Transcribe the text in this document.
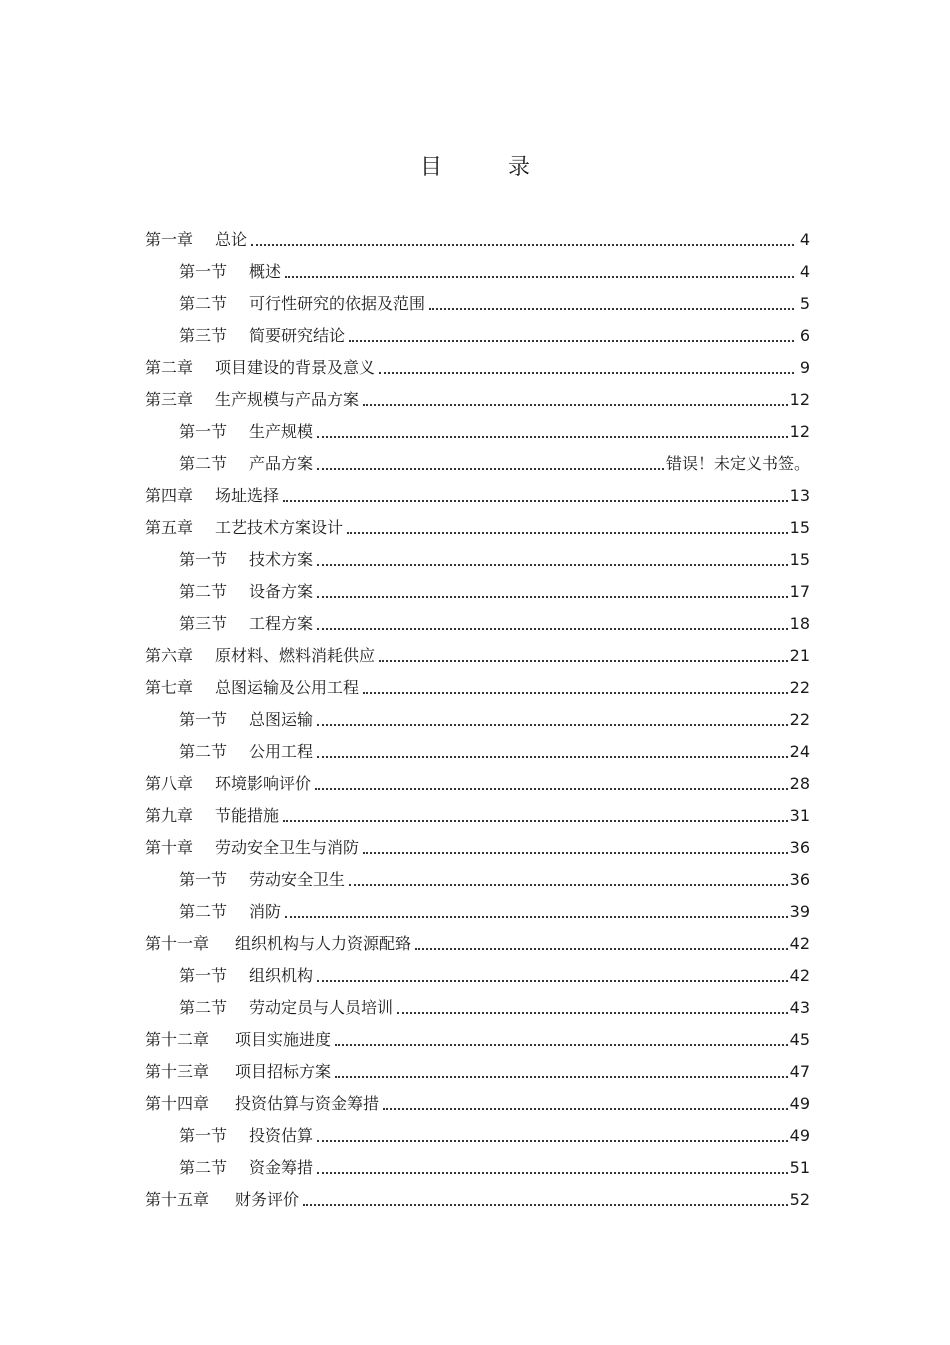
目　录
第一章 总论	4
第一节 概述	4
第二节 可行性研究的依据及范围	5
第三节 简要研究结论	6
第二章 项目建设的背景及意义	9
第三章 生产规模与产品方案	12
第一节 生产规模	12
第二节 产品方案	错误！未定义书签。
第四章 场址选择	13
第五章 工艺技术方案设计	15
第一节 技术方案	15
第二节 设备方案	17
第三节 工程方案	18
第六章 原材料、燃料消耗供应	21
第七章 总图运输及公用工程	22
第一节 总图运输	22
第二节 公用工程	24
第八章 环境影响评价	28
第九章 节能措施	31
第十章 劳动安全卫生与消防	36
第一节 劳动安全卫生	36
第二节 消防	39
第十一章 组织机构与人力资源配臵	42
第一节 组织机构	42
第二节 劳动定员与人员培训	43
第十二章 项目实施进度	45
第十三章 项目招标方案	47
第十四章 投资估算与资金筹措	49
第一节 投资估算	49
第二节 资金筹措	51
第十五章 财务评价	52
